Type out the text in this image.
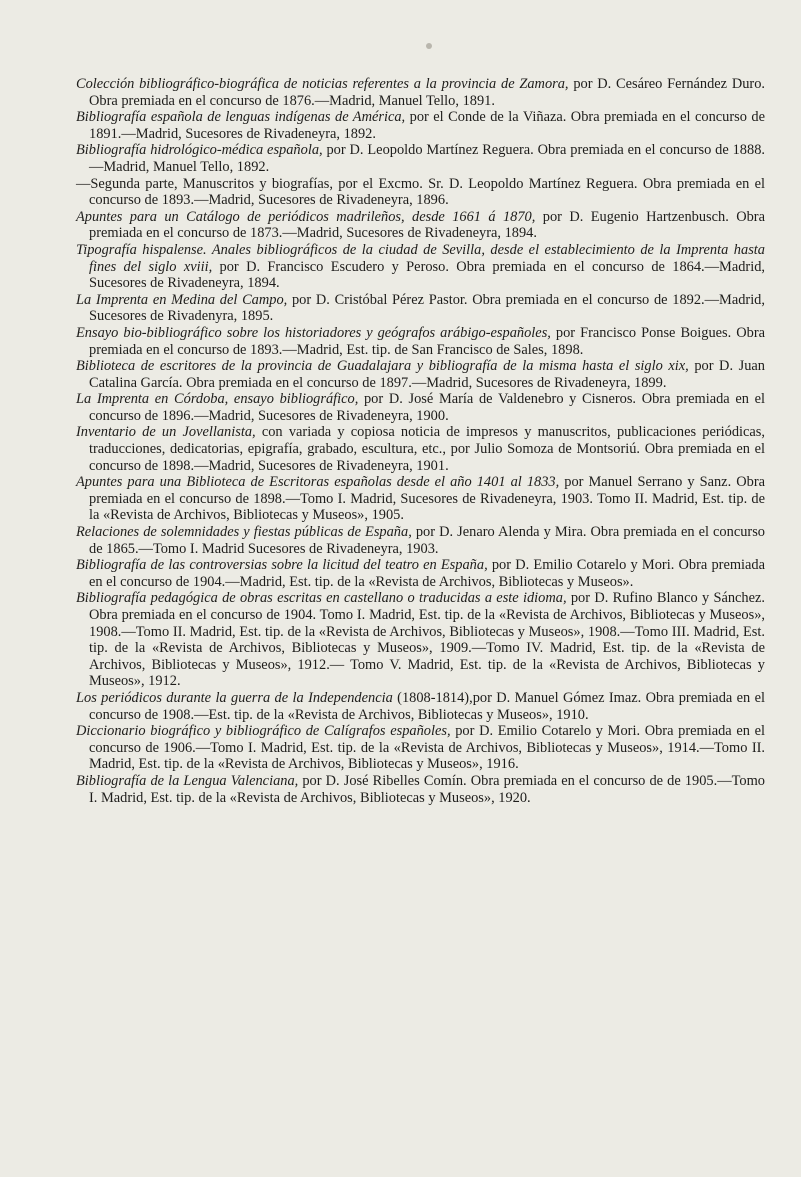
Colección bibliográfico-biográfica de noticias referentes a la provincia de Zamora, por D. Cesáreo Fernández Duro. Obra premiada en el concurso de 1876.—Madrid, Manuel Tello, 1891.
Bibliografía española de lenguas indígenas de América, por el Conde de la Viñaza. Obra premiada en el concurso de 1891.—Madrid, Sucesores de Rivadeneyra, 1892.
Bibliografía hidrológico-médica española, por D. Leopoldo Martínez Reguera. Obra premiada en el concurso de 1888.—Madrid, Manuel Tello, 1892.
—Segunda parte, Manuscritos y biografías, por el Excmo. Sr. D. Leopoldo Martínez Reguera. Obra premiada en el concurso de 1893.—Madrid, Sucesores de Rivadeneyra, 1896.
Apuntes para un Catálogo de periódicos madrileños, desde 1661 á 1870, por D. Eugenio Hartzenbusch. Obra premiada en el concurso de 1873.—Madrid, Sucesores de Rivadeneyra, 1894.
Tipografía hispalense. Anales bibliográficos de la ciudad de Sevilla, desde el establecimiento de la Imprenta hasta fines del siglo xviii, por D. Francisco Escudero y Peroso. Obra premiada en el concurso de 1864.—Madrid, Sucesores de Rivadeneyra, 1894.
La Imprenta en Medina del Campo, por D. Cristóbal Pérez Pastor. Obra premiada en el concurso de 1892.—Madrid, Sucesores de Rivadenyra, 1895.
Ensayo bio-bibliográfico sobre los historiadores y geógrafos arábigo-españoles, por Francisco Ponse Boigues. Obra premiada en el concurso de 1893.—Madrid, Est. tip. de San Francisco de Sales, 1898.
Biblioteca de escritores de la provincia de Guadalajara y bibliografía de la misma hasta el siglo xix, por D. Juan Catalina García. Obra premiada en el concurso de 1897.—Madrid, Sucesores de Rivadeneyra, 1899.
La Imprenta en Córdoba, ensayo bibliográfico, por D. José María de Valdenebro y Cisneros. Obra premiada en el concurso de 1896.—Madrid, Sucesores de Rivadeneyra, 1900.
Inventario de un Jovellanista, con variada y copiosa noticia de impresos y manuscritos, publicaciones periódicas, traducciones, dedicatorias, epigrafía, grabado, escultura, etc., por Julio Somoza de Montsoriú. Obra premiada en el concurso de 1898.—Madrid, Sucesores de Rivadeneyra, 1901.
Apuntes para una Biblioteca de Escritoras españolas desde el año 1401 al 1833, por Manuel Serrano y Sanz. Obra premiada en el concurso de 1898.—Tomo I. Madrid, Sucesores de Rivadeneyra, 1903. Tomo II. Madrid, Est. tip. de la «Revista de Archivos, Bibliotecas y Museos», 1905.
Relaciones de solemnidades y fiestas públicas de España, por D. Jenaro Alenda y Mira. Obra premiada en el concurso de 1865.—Tomo I. Madrid Sucesores de Rivadeneyra, 1903.
Bibliografía de las controversias sobre la licitud del teatro en España, por D. Emilio Cotarelo y Mori. Obra premiada en el concurso de 1904.—Madrid, Est. tip. de la «Revista de Archivos, Bibliotecas y Museos».
Bibliografía pedagógica de obras escritas en castellano o traducidas a este idioma, por D. Rufino Blanco y Sánchez. Obra premiada en el concurso de 1904. Tomo I. Madrid, Est. tip. de la «Revista de Archivos, Bibliotecas y Museos», 1908.—Tomo II. Madrid, Est. tip. de la «Revista de Archivos, Bibliotecas y Museos», 1908.—Tomo III. Madrid, Est. tip. de la «Revista de Archivos, Bibliotecas y Museos», 1909.—Tomo IV. Madrid, Est. tip. de la «Revista de Archivos, Bibliotecas y Museos», 1912.— Tomo V. Madrid, Est. tip. de la «Revista de Archivos, Bibliotecas y Museos», 1912.
Los periódicos durante la guerra de la Independencia (1808-1814),por D. Manuel Gómez Imaz. Obra premiada en el concurso de 1908.—Est. tip. de la «Revista de Archivos, Bibliotecas y Museos», 1910.
Diccionario biográfico y bibliográfico de Calígrafos españoles, por D. Emilio Cotarelo y Mori. Obra premiada en el concurso de 1906.—Tomo I. Madrid, Est. tip. de la «Revista de Archivos, Bibliotecas y Museos», 1914.—Tomo II. Madrid, Est. tip. de la «Revista de Archivos, Bibliotecas y Museos», 1916.
Bibliografía de la Lengua Valenciana, por D. José Ribelles Comín. Obra premiada en el concurso de de 1905.—Tomo I. Madrid, Est. tip. de la «Revista de Archivos, Bibliotecas y Museos», 1920.
